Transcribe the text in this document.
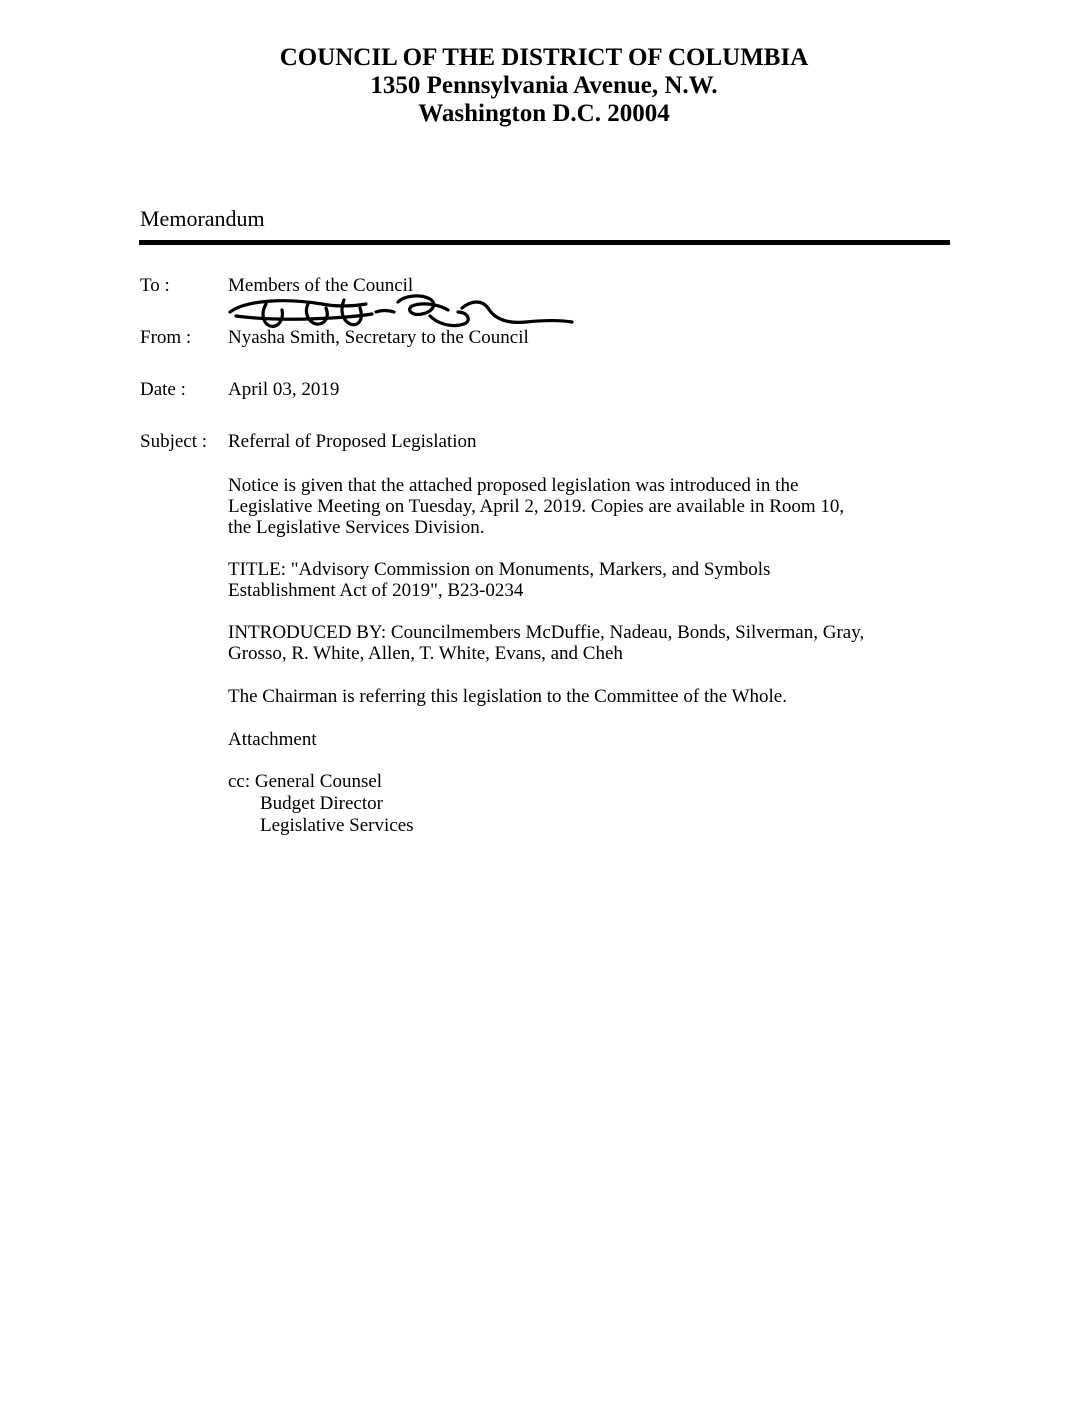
COUNCIL OF THE DISTRICT OF COLUMBIA
1350 Pennsylvania Avenue, N.W.
Washington D.C. 20004
Memorandum
To :	Members of the Council
From : Nyasha Smith, Secretary to the Council
Date : April 03, 2019
Subject : Referral of Proposed Legislation
Notice is given that the attached proposed legislation was introduced in the
Legislative Meeting on Tuesday, April 2, 2019. Copies are available in Room 10,
the Legislative Services Division.
TITLE: "Advisory Commission on Monuments, Markers, and Symbols
Establishment Act of 2019", B23-0234
INTRODUCED BY: Councilmembers McDuffie, Nadeau, Bonds, Silverman, Gray,
Grosso, R. White, Allen, T. White, Evans, and Cheh
The Chairman is referring this legislation to the Committee of the Whole.
Attachment
cc: General Counsel
Budget Director
Legislative Services
